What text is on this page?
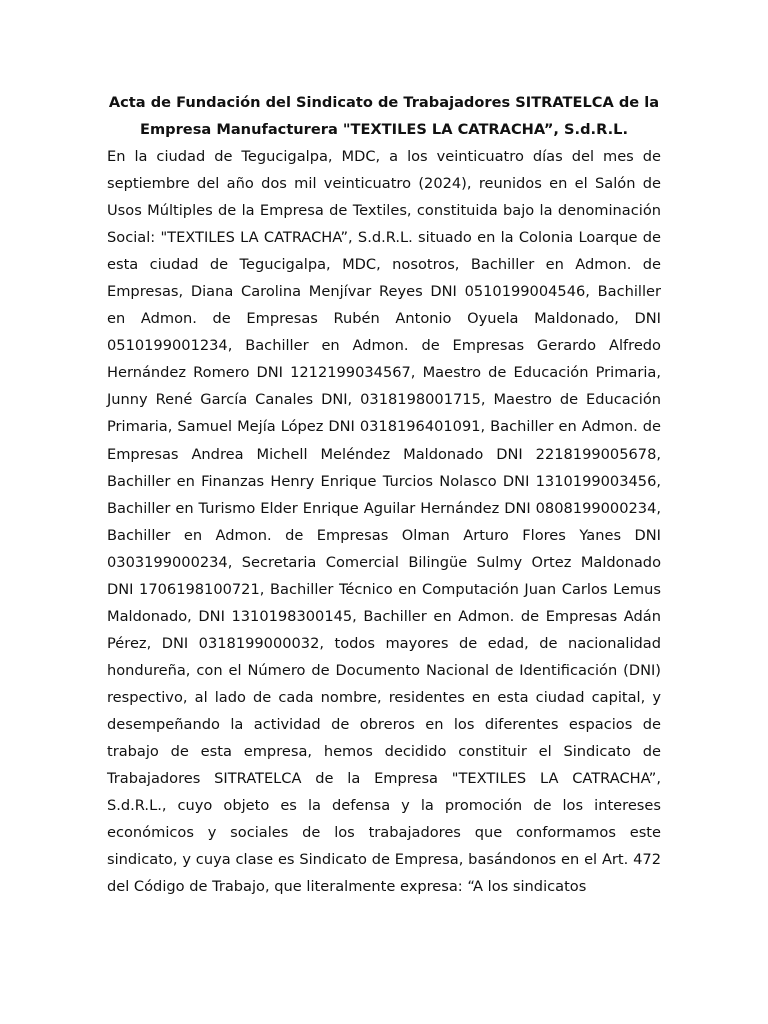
Acta de Fundación del Sindicato de Trabajadores SITRATELCA de la Empresa Manufacturera "TEXTILES LA CATRACHA”, S.d.R.L.

En la ciudad de Tegucigalpa, MDC, a los veinticuatro días del mes de septiembre del año dos mil veinticuatro (2024), reunidos en el Salón de Usos Múltiples de la Empresa de Textiles, constituida bajo la denominación Social: "TEXTILES LA CATRACHA”, S.d.R.L. situado en la Colonia Loarque de esta ciudad de Tegucigalpa, MDC, nosotros, Bachiller en Admon. de Empresas, Diana Carolina Menjívar Reyes DNI 0510199004546, Bachiller en Admon. de Empresas Rubén Antonio Oyuela Maldonado, DNI 0510199001234, Bachiller en Admon. de Empresas Gerardo Alfredo Hernández Romero DNI 1212199034567, Maestro de Educación Primaria, Junny René García Canales DNI, 0318198001715, Maestro de Educación Primaria, Samuel Mejía López DNI 0318196401091, Bachiller en Admon. de Empresas Andrea Michell Meléndez Maldonado DNI 2218199005678, Bachiller en Finanzas Henry Enrique Turcios Nolasco DNI 1310199003456, Bachiller en Turismo Elder Enrique Aguilar Hernández DNI 0808199000234, Bachiller en Admon. de Empresas Olman Arturo Flores Yanes DNI 0303199000234, Secretaria Comercial Bilingüe Sulmy Ortez Maldonado DNI 1706198100721, Bachiller Técnico en Computación Juan Carlos Lemus Maldonado, DNI 1310198300145, Bachiller en Admon. de Empresas Adán Pérez, DNI 0318199000032, todos mayores de edad, de nacionalidad hondureña, con el Número de Documento Nacional de Identificación (DNI) respectivo, al lado de cada nombre, residentes en esta ciudad capital, y desempeñando la actividad de obreros en los diferentes espacios de trabajo de esta empresa, hemos decidido constituir el Sindicato de Trabajadores SITRATELCA de la Empresa "TEXTILES LA CATRACHA”, S.d.R.L., cuyo objeto es la defensa y la promoción de los intereses económicos y sociales de los trabajadores que conformamos este sindicato, y cuya clase es Sindicato de Empresa, basándonos en el Art. 472 del Código de Trabajo, que literalmente expresa: “A los sindicatos
